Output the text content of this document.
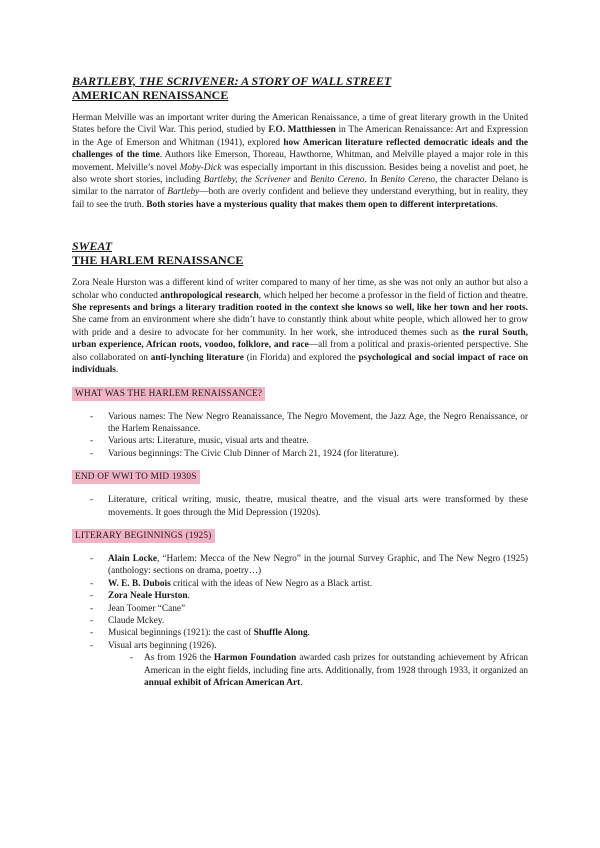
BARTLEBY, THE SCRIVENER: A STORY OF WALL STREET
AMERICAN RENAISSANCE

Herman Melville was an important writer during the American Renaissance, a time of great literary growth in the United States before the Civil War. This period, studied by F.O. Matthiessen in The American Renaissance: Art and Expression in the Age of Emerson and Whitman (1941), explored how American literature reflected democratic ideals and the challenges of the time. Authors like Emerson, Thoreau, Hawthorne, Whitman, and Melville played a major role in this movement. Melville’s novel Moby-Dick was especially important in this discussion. Besides being a novelist and poet, he also wrote short stories, including Bartleby, the Scrivener and Benito Cereno. In Benito Cereno, the character Delano is similar to the narrator of Bartleby—both are overly confident and believe they understand everything, but in reality, they fail to see the truth. Both stories have a mysterious quality that makes them open to different interpretations.

SWEAT
THE HARLEM RENAISSANCE

Zora Neale Hurston was a different kind of writer compared to many of her time, as she was not only an author but also a scholar who conducted anthropological research, which helped her become a professor in the field of fiction and theatre. She represents and brings a literary tradition rooted in the context she knows so well, like her town and her roots. She came from an environment where she didn’t have to constantly think about white people, which allowed her to grow with pride and a desire to advocate for her community. In her work, she introduced themes such as the rural South, urban experience, African roots, voodoo, folklore, and race—all from a political and praxis-oriented perspective. She also collaborated on anti-lynching literature (in Florida) and explored the psychological and social impact of race on individuals.

WHAT WAS THE HARLEM RENAISSANCE?
- Various names: The New Negro Reanaissance, The Negro Movement, the Jazz Age, the Negro Renaissance, or the Harlem Renaissance.
- Various arts: Literature, music, visual arts and theatre.
- Various beginnings: The Civic Club Dinner of March 21, 1924 (for literature).
END OF WWI TO MID 1930S
- Literature, critical writing, music, theatre, musical theatre, and the visual arts were transformed by these movements. It goes through the Mid Depression (1920s).
LITERARY BEGINNINGS (1925)
- Alain Locke, “Harlem: Mecca of the New Negro” in the journal Survey Graphic, and The New Negro (1925) (anthology: sections on drama, poetry…)
- W. E. B. Dubois critical with the ideas of New Negro as a Black artist.
- Zora Neale Hurston.
- Jean Toomer “Cane”
- Claude Mckey.
- Musical beginnings (1921): the cast of Shuffle Along.
- Visual arts beginning (1926).
- As from 1926 the Harmon Foundation awarded cash prizes for outstanding achievement by African American in the eight fields, including fine arts. Additionally, from 1928 through 1933, it organized an annual exhibit of African American Art.
